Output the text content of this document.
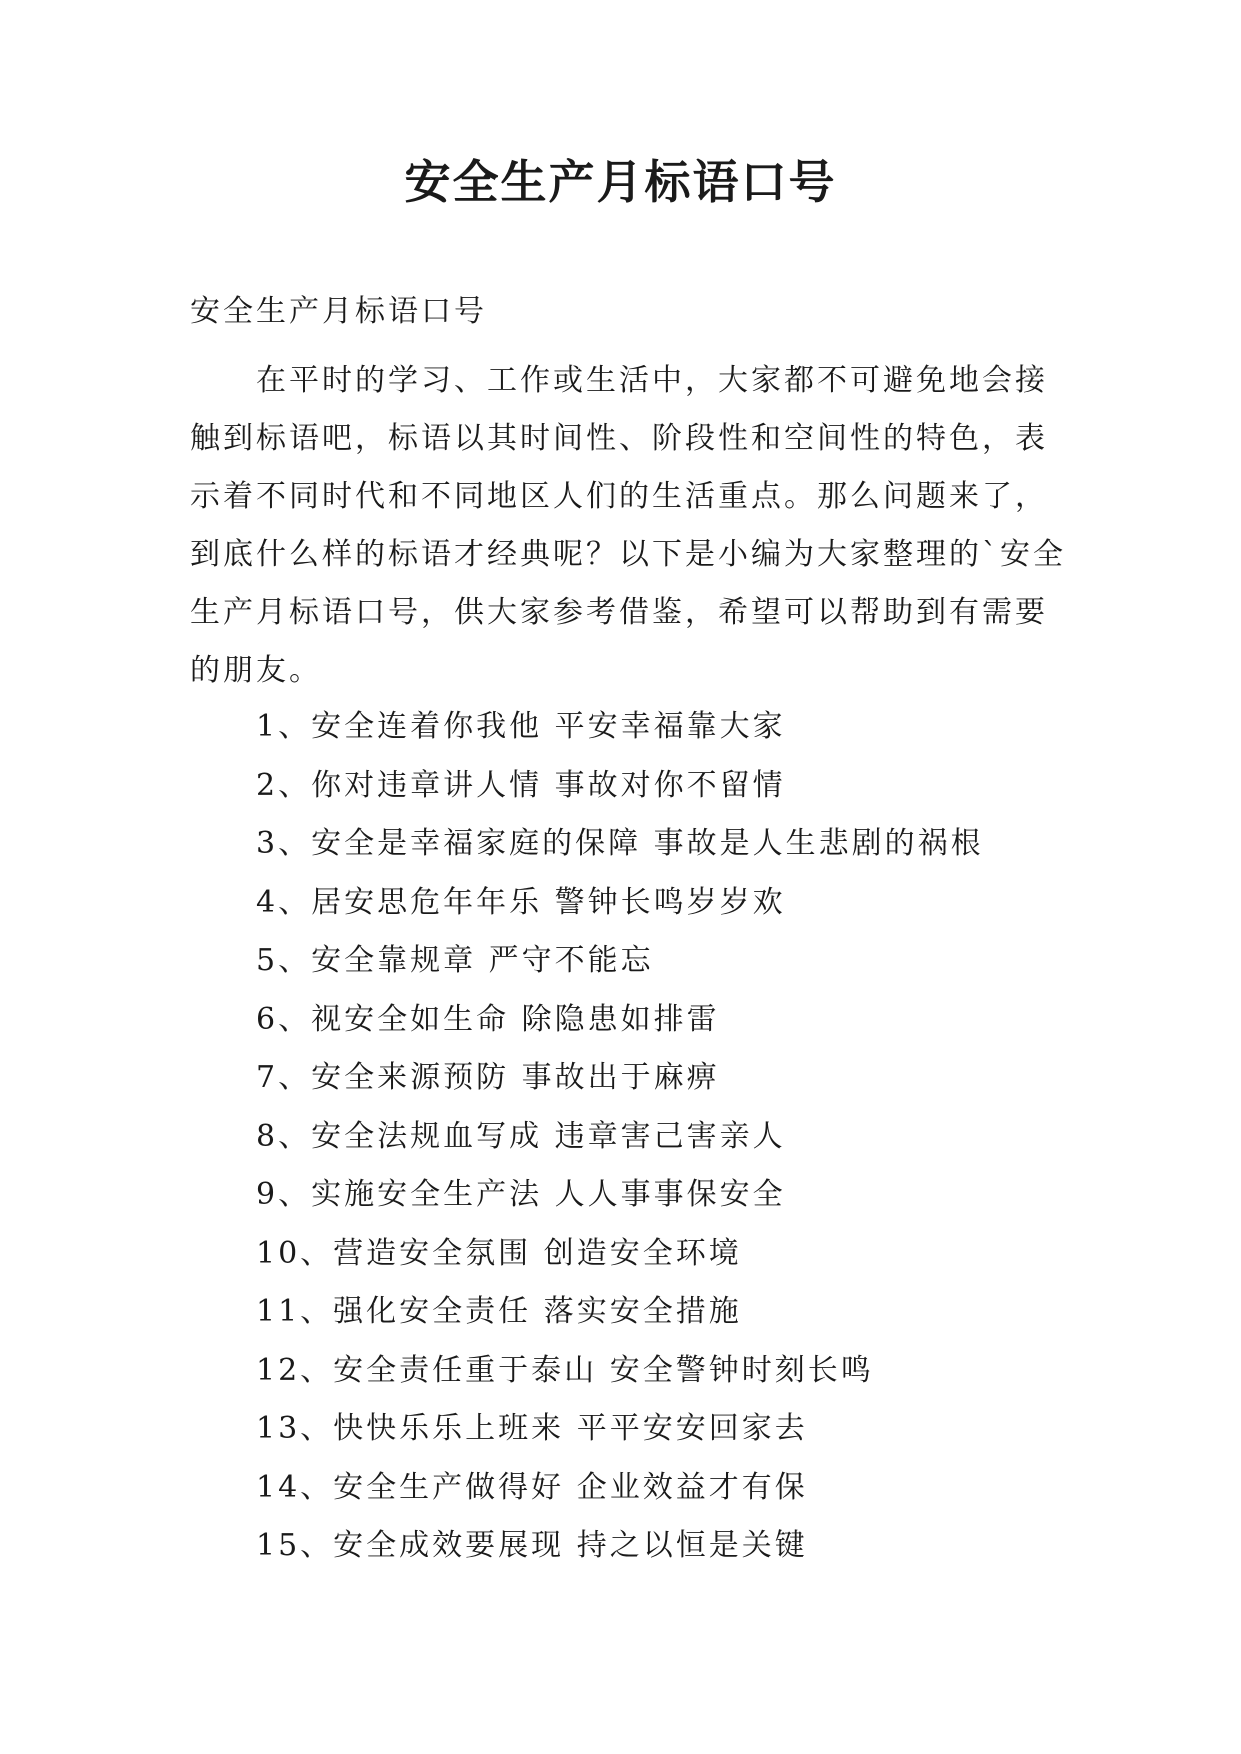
安全生产月标语口号
安全生产月标语口号

在平时的学习、工作或生活中，大家都不可避免地会接触到标语吧，标语以其时间性、阶段性和空间性的特色，表示着不同时代和不同地区人们的生活重点。那么问题来了，到底什么样的标语才经典呢？以下是小编为大家整理的`安全生产月标语口号，供大家参考借鉴，希望可以帮助到有需要的朋友。

1、安全连着你我他 平安幸福靠大家
2、你对违章讲人情 事故对你不留情
3、安全是幸福家庭的保障 事故是人生悲剧的祸根
4、居安思危年年乐 警钟长鸣岁岁欢
5、安全靠规章 严守不能忘
6、视安全如生命 除隐患如排雷
7、安全来源预防 事故出于麻痹
8、安全法规血写成 违章害己害亲人
9、实施安全生产法 人人事事保安全
10、营造安全氛围 创造安全环境
11、强化安全责任 落实安全措施
12、安全责任重于泰山 安全警钟时刻长鸣
13、快快乐乐上班来 平平安安回家去
14、安全生产做得好 企业效益才有保
15、安全成效要展现 持之以恒是关键
